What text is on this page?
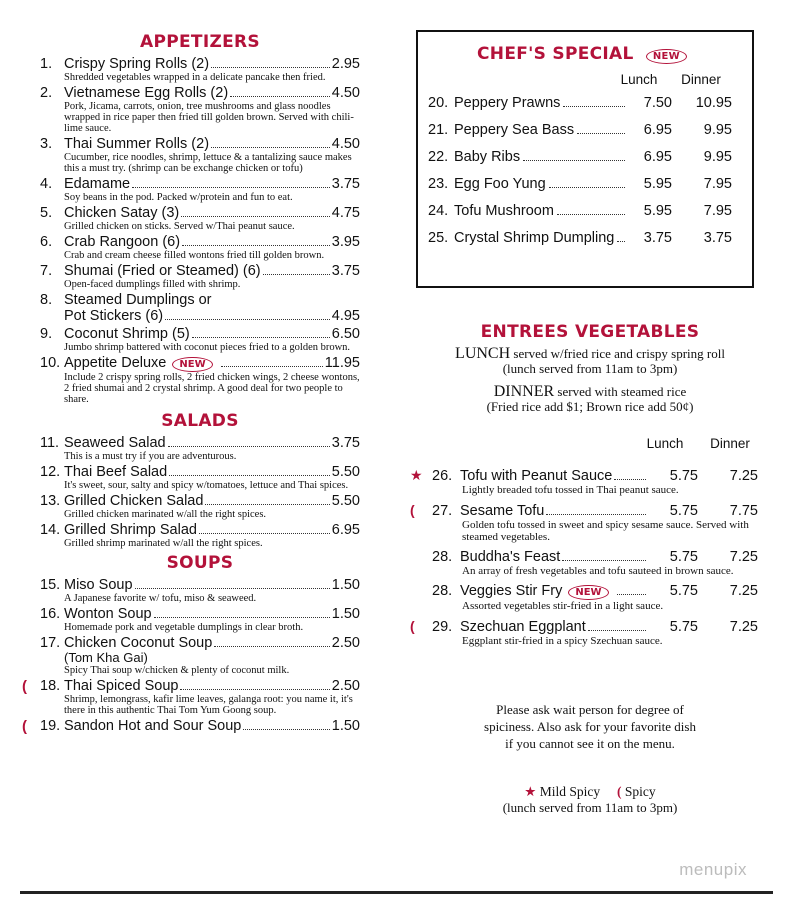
APPETIZERS
1. Crispy Spring Rolls (2)	2.95
Shredded vegetables wrapped in a delicate pancake then fried.
2. Vietnamese Egg Rolls (2)	4.50
Pork, Jicama, carrots, onion, tree mushrooms and glass noodles wrapped in rice paper then fried till golden brown. Served with chili-lime sauce.
3. Thai Summer Rolls (2)	4.50
Cucumber, rice noodles, shrimp, lettuce & a tantalizing sauce makes this a must try. (shrimp can be exchange chicken or tofu)
4. Edamame	3.75
Soy beans in the pod. Packed w/protein and fun to eat.
5. Chicken Satay (3)	4.75
Grilled chicken on sticks. Served w/Thai peanut sauce.
6. Crab Rangoon (6)	3.95
Crab and cream cheese filled wontons fried till golden brown.
7. Shumai (Fried or Steamed) (6)	3.75
Open-faced dumplings filled with shrimp.
8. Steamed Dumplings or
Pot Stickers (6)	4.95
9. Coconut Shrimp (5)	6.50
Jumbo shrimp battered with coconut pieces fried to a golden brown.
10. Appetite Deluxe	NEW	11.95
Include 2 crispy spring rolls, 2 fried chicken wings, 2 cheese wontons, 2 fried shumai and 2 crystal shrimp. A good deal for two people to share.
SALADS
11. Seaweed Salad	3.75
This is a must try if you are adventurous.
12. Thai Beef Salad	5.50
It's sweet, sour, salty and spicy w/tomatoes, lettuce and Thai spices.
13. Grilled Chicken Salad	5.50
Grilled chicken marinated w/all the right spices.
14. Grilled Shrimp Salad	6.95
Grilled shrimp marinated w/all the right spices.
SOUPS
15. Miso Soup	1.50
A Japanese favorite w/ tofu, miso & seaweed.
16. Wonton Soup	1.50
Homemade pork and vegetable dumplings in clear broth.
17. Chicken Coconut Soup	2.50
(Tom Kha Gai)
Spicy Thai soup w/chicken & plenty of coconut milk.
( 18. Thai Spiced Soup	2.50
Shrimp, lemongrass, kafir lime leaves, galanga root: you name it, it's there in this authentic Thai Tom Yum Goong soup.
( 19. Sandon Hot and Sour Soup	1.50
CHEF'S SPECIAL NEW
Lunch	Dinner
20. Peppery Prawns	7.50	10.95
21. Peppery Sea Bass	6.95	9.95
22. Baby Ribs	6.95	9.95
23. Egg Foo Yung	5.95	7.95
24. Tofu Mushroom	5.95	7.95
25. Crystal Shrimp Dumpling	3.75	3.75
ENTREES VEGETABLES
LUNCH served w/fried rice and crispy spring roll
(lunch served from 11am to 3pm)
DINNER served with steamed rice
(Fried rice add $1; Brown rice add 50¢)
Lunch	Dinner
★ 26. Tofu with Peanut Sauce	5.75	7.25
Lightly breaded tofu tossed in Thai peanut sauce.
(	27. Sesame Tofu	5.75	7.75
Golden tofu tossed in sweet and spicy sesame sauce. Served with steamed vegetables.
28. Buddha's Feast	5.75	7.25
An array of fresh vegetables and tofu sauteed in brown sauce.
28. Veggies Stir Fry	NEW	5.75	7.25
Assorted vegetables stir-fried in a light sauce.
(	29. Szechuan Eggplant	5.75	7.25
Eggplant stir-fried in a spicy Szechuan sauce.
Please ask wait person for degree of
spiciness. Also ask for your favorite dish
if you cannot see it on the menu.
★ Mild Spicy ( Spicy
(lunch served from 11am to 3pm)
menupix
